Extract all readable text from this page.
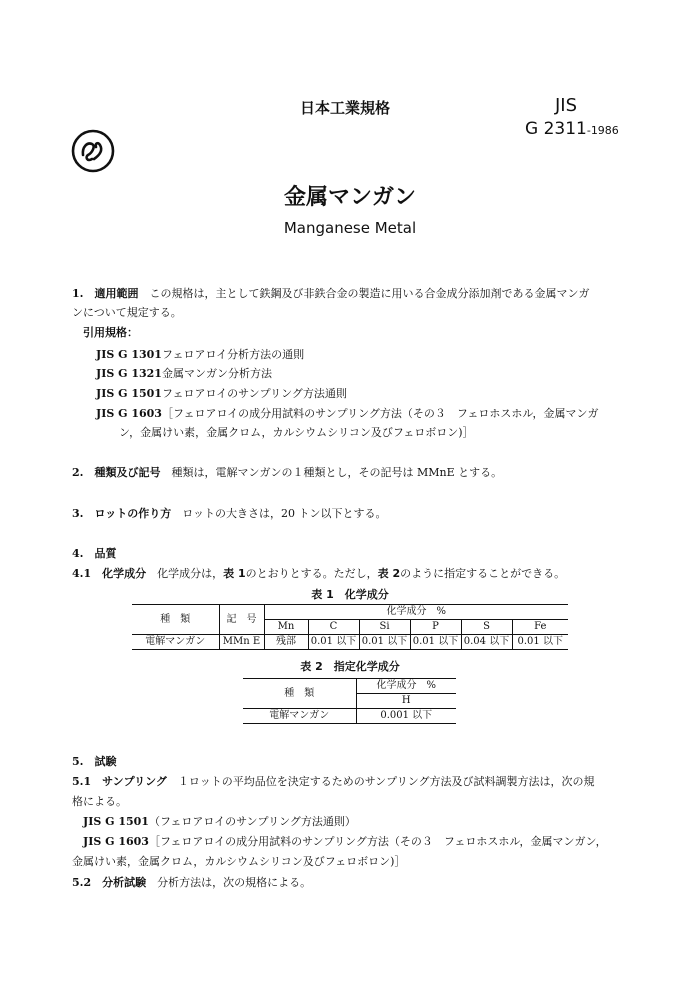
日本工業規格	JIS
G 2311-1986
金属マンガン
Manganese Metal
1.　 適用範囲　 この規格は，主として鉄鋼及び非鉄合金の製造に用いる合金成分添加剤である金属マンガ
ンについて規定する。
引用規格：
JIS G 1301フェロアロイ分析方法の通則
JIS G 1321金属マンガン分析方法
JIS G 1501フェロアロイのサンプリング方法通則
JIS G 1603［フェロアロイの成分用試料のサンプリング方法（その３　フェロホスホル，金属マンガ
ン，金属けい素，金属クロム，カルシウムシリコン及びフェロボロン)］
2.　 種類及び記号　 種類は，電解マンガンの１種類とし，その記号は MMnE とする。
3.　 ロットの作り方　 ロットの大きさは，20 トン以下とする。
4.　 品質
4.1　 化学成分　 化学成分は，表 1のとおりとする。ただし，表 2のように指定することができる。
表 1　化学成分
種　類	記　号	化学成分　%					
		Mn	C	Si	P	S	Fe
電解マンガン	MMn E	残部	0.01 以下	0.01 以下	0.01 以下	0.04 以下	0.01 以下
表 2　指定化学成分
種　類	化学成分　%
	H
電解マンガン	0.001 以下
5.　 試験
5.1　 サンプリング　 １ロットの平均品位を決定するためのサンプリング方法及び試料調製方法は，次の規
格による。
JIS G 1501（フェロアロイのサンプリング方法通則）
JIS G 1603［フェロアロイの成分用試料のサンプリング方法（その３　フェロホスホル，金属マンガン，
金属けい素，金属クロム，カルシウムシリコン及びフェロボロン)］
5.2　 分析試験　 分析方法は，次の規格による。
